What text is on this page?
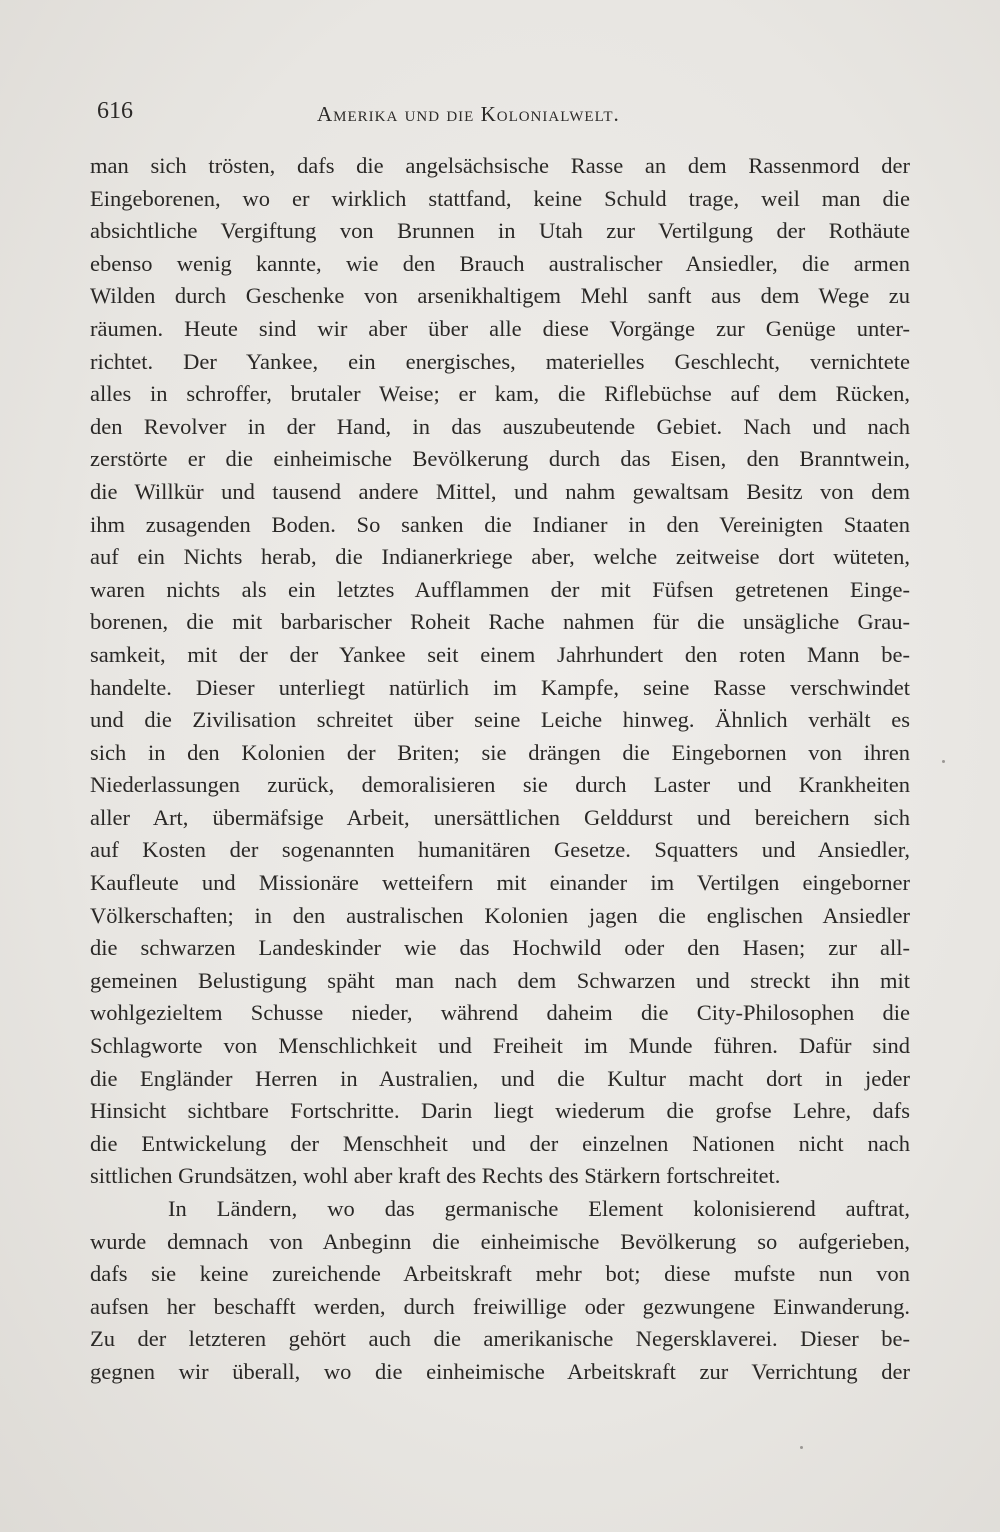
616	Amerika und die Kolonialwelt.
man sich trösten, dafs die angelsächsische Rasse an dem Rassenmord der
Eingeborenen, wo er wirklich stattfand, keine Schuld trage, weil man die
absichtliche Vergiftung von Brunnen in Utah zur Vertilgung der Rothäute
ebenso wenig kannte, wie den Brauch australischer Ansiedler, die armen
Wilden durch Geschenke von arsenikhaltigem Mehl sanft aus dem Wege zu
räumen. Heute sind wir aber über alle diese Vorgänge zur Genüge unter-
richtet. Der Yankee, ein energisches, materielles Geschlecht, vernichtete
alles in schroffer, brutaler Weise; er kam, die Riflebüchse auf dem Rücken,
den Revolver in der Hand, in das auszubeutende Gebiet. Nach und nach
zerstörte er die einheimische Bevölkerung durch das Eisen, den Branntwein,
die Willkür und tausend andere Mittel, und nahm gewaltsam Besitz von dem
ihm zusagenden Boden. So sanken die Indianer in den Vereinigten Staaten
auf ein Nichts herab, die Indianerkriege aber, welche zeitweise dort wüteten,
waren nichts als ein letztes Aufflammen der mit Füfsen getretenen Einge-
borenen, die mit barbarischer Roheit Rache nahmen für die unsägliche Grau-
samkeit, mit der der Yankee seit einem Jahrhundert den roten Mann be-
handelte. Dieser unterliegt natürlich im Kampfe, seine Rasse verschwindet
und die Zivilisation schreitet über seine Leiche hinweg. Ähnlich verhält es
sich in den Kolonien der Briten; sie drängen die Eingebornen von ihren
Niederlassungen zurück, demoralisieren sie durch Laster und Krankheiten
aller Art, übermäfsige Arbeit, unersättlichen Gelddurst und bereichern sich
auf Kosten der sogenannten humanitären Gesetze. Squatters und Ansiedler,
Kaufleute und Missionäre wetteifern mit einander im Vertilgen eingeborner
Völkerschaften; in den australischen Kolonien jagen die englischen Ansiedler
die schwarzen Landeskinder wie das Hochwild oder den Hasen; zur all-
gemeinen Belustigung späht man nach dem Schwarzen und streckt ihn mit
wohlgezieltem Schusse nieder, während daheim die City-Philosophen die
Schlagworte von Menschlichkeit und Freiheit im Munde führen. Dafür sind
die Engländer Herren in Australien, und die Kultur macht dort in jeder
Hinsicht sichtbare Fortschritte. Darin liegt wiederum die grofse Lehre, dafs
die Entwickelung der Menschheit und der einzelnen Nationen nicht nach
sittlichen Grundsätzen, wohl aber kraft des Rechts des Stärkern fortschreitet.
In Ländern, wo das germanische Element kolonisierend auftrat,
wurde demnach von Anbeginn die einheimische Bevölkerung so aufgerieben,
dafs sie keine zureichende Arbeitskraft mehr bot; diese mufste nun von
aufsen her beschafft werden, durch freiwillige oder gezwungene Einwanderung.
Zu der letzteren gehört auch die amerikanische Negersklaverei. Dieser be-
gegnen wir überall, wo die einheimische Arbeitskraft zur Verrichtung der
